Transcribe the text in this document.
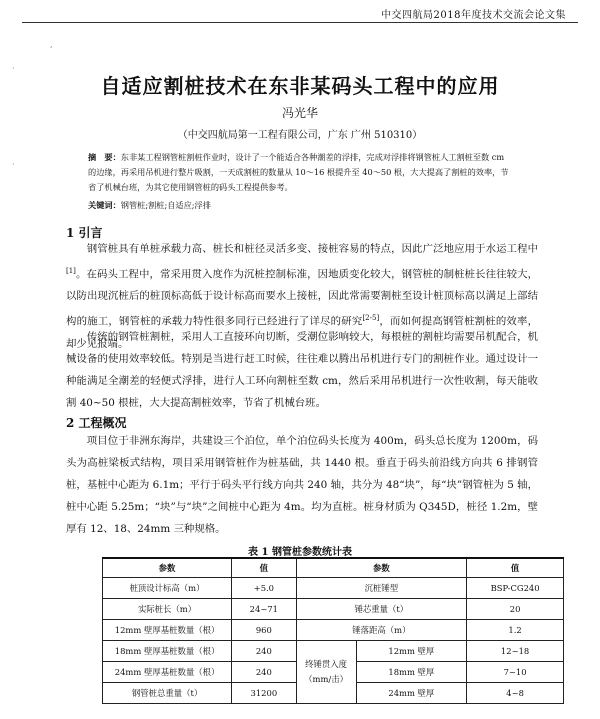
中交四航局2018年度技术交流会论文集
,
·
·
自适应割桩技术在东非某码头工程中的应用
冯光华
（中交四航局第一工程有限公司，广东 广州 510310）
摘　要：东非某工程钢管桩割桩作业时，设计了一个能适合各种潮差的浮排，完成对浮排将钢管桩人工割桩至数 cm的边缘，再采用吊机进行整片吸割，一天成割桩的数量从 10～16 根提升至 40～50 根，大大提高了割桩的效率，节省了机械台班，为其它使用钢管桩的码头工程提供参考。
关键词：钢管桩;割桩;自适应;浮排
1 引言
钢管桩具有单桩承载力高、桩长和桩径灵活多变、接桩容易的特点，因此广泛地应用于水运工程中[1]。在码头工程中，常采用贯入度作为沉桩控制标准，因地质变化较大，钢管桩的制桩桩长往往较大，以防出现沉桩后的桩顶标高低于设计标高而要水上接桩，因此常需要割桩至设计桩顶标高以满足上部结构的施工，钢管桩的承载力特性很多同行已经进行了详尽的研究[2-5]，而如何提高钢管桩割桩的效率，却少见报端。
传统的钢管桩割桩，采用人工直接环向切断，受潮位影响较大，每根桩的割桩均需要吊机配合，机械设备的使用效率较低。特别是当进行赶工时候，往往难以腾出吊机进行专门的割桩作业。通过设计一种能满足全潮差的轻便式浮排，进行人工环向割桩至数 cm，然后采用吊机进行一次性收割，每天能收割 40~50 根桩，大大提高割桩效率，节省了机械台班。
2 工程概况
项目位于非洲东海岸，共建设三个泊位，单个泊位码头长度为 400m，码头总长度为 1200m，码头为高桩梁板式结构，项目采用钢管桩作为桩基础，共 1440 根。垂直于码头前沿线方向共 6 排钢管桩，基桩中心距为 6.1m；平行于码头平行线方向共 240 轴，共分为 48“块”，每“块”钢管桩为 5 轴，桩中心距 5.25m；“块”与“块”之间桩中心距为 4m。均为直桩。桩身材质为 Q345D，桩径 1.2m，壁厚有 12、18、24mm 三种规格。
表 1 钢管桩参数统计表
参数	值	参数		值
桩顶设计标高（m）	+5.0	沉桩锤型		BSP-CG240
实际桩长（m）	24~71	锤芯重量（t）		20
12mm 壁厚基桩数量（根）	960	锤落距高（m）		1.2
18mm 壁厚基桩数量（根）	240	终锤贯入度（mm/击）	12mm 壁厚	12~18
24mm 壁厚基桩数量（根）	240		18mm 壁厚	7~10
钢管桩总重量（t）	31200		24mm 壁厚	4~8
